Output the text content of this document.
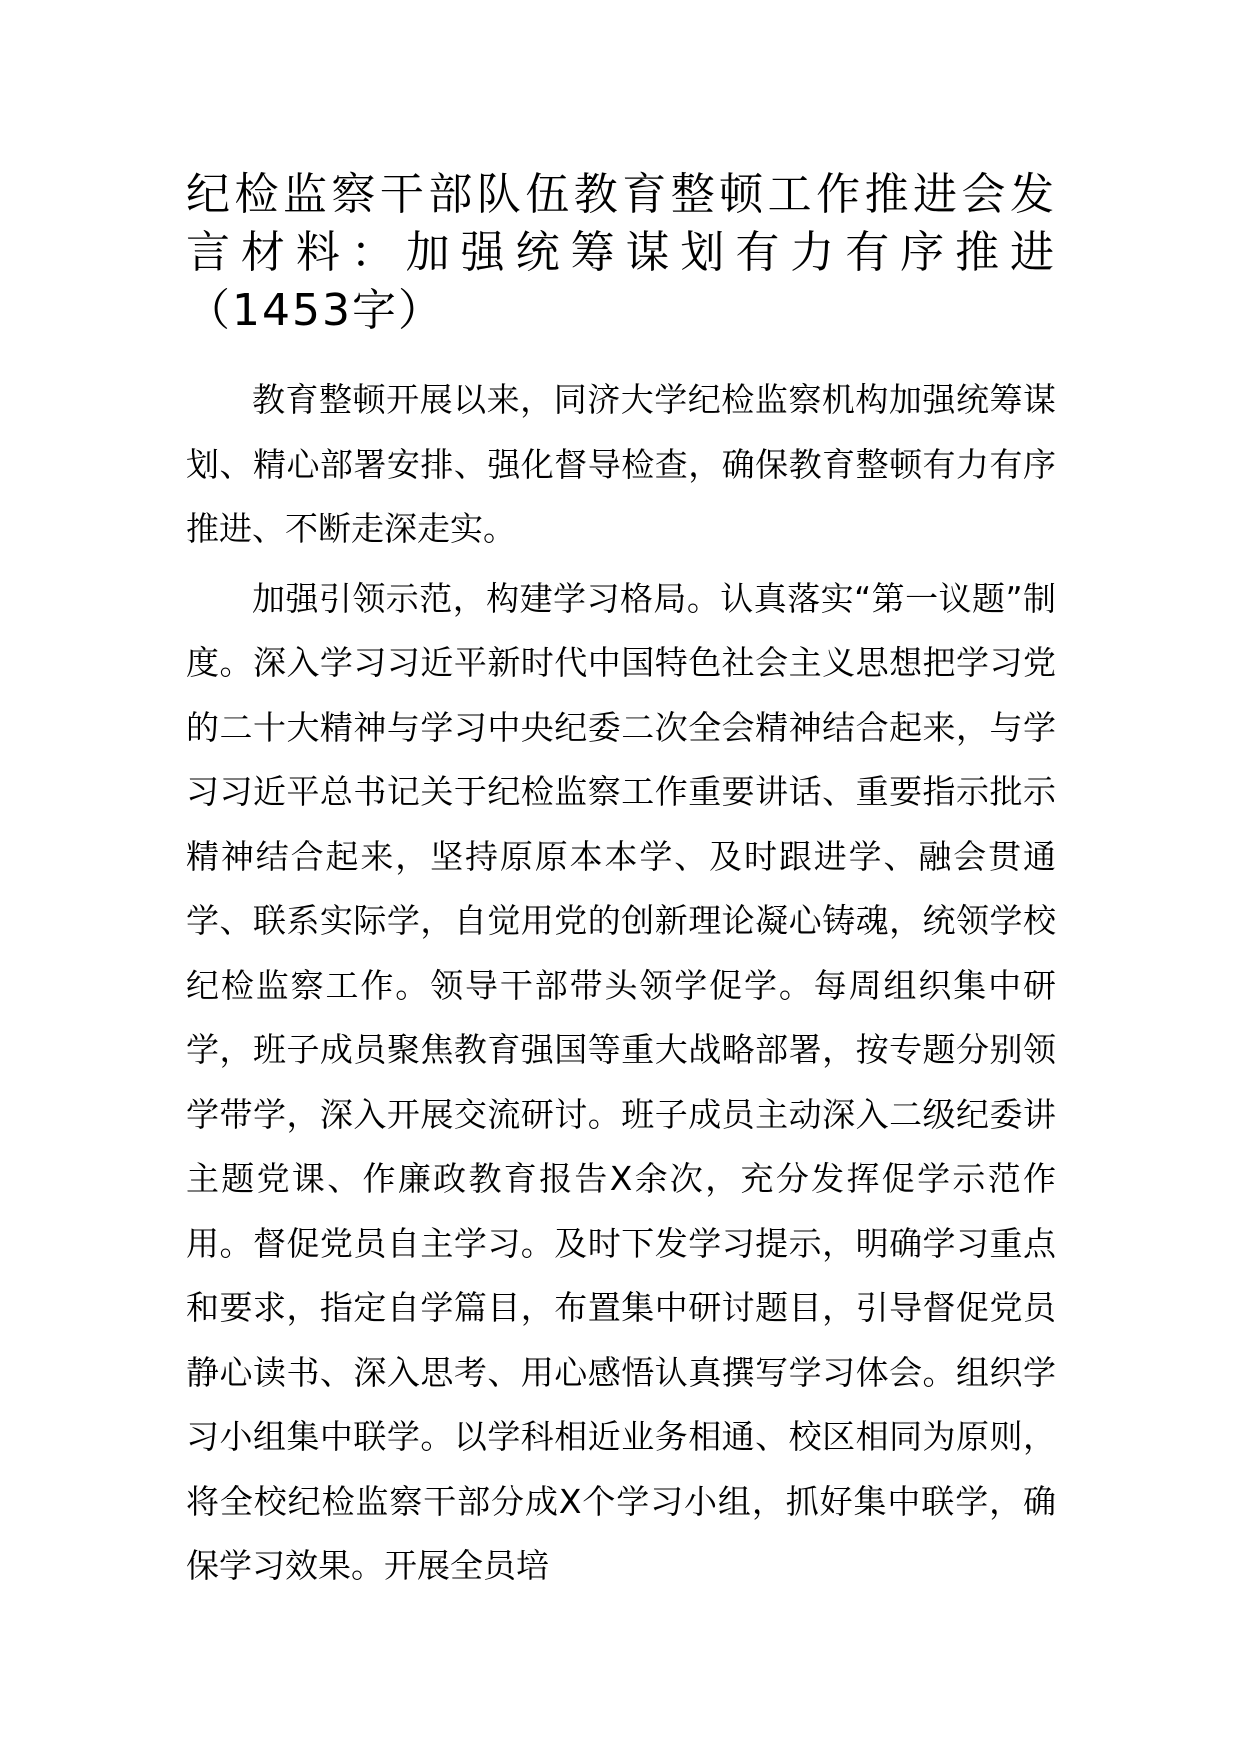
纪检监察干部队伍教育整顿工作推进会发
言材料：加强统筹谋划有力有序推进
（1453字）

教育整顿开展以来，同济大学纪检监察机构加强统筹谋划、精心部署安排、强化督导检查，确保教育整顿有力有序推进、不断走深走实。

加强引领示范，构建学习格局。认真落实“第一议题”制度。深入学习习近平新时代中国特色社会主义思想把学习党的二十大精神与学习中央纪委二次全会精神结合起来，与学习习近平总书记关于纪检监察工作重要讲话、重要指示批示精神结合起来，坚持原原本本学、及时跟进学、融会贯通学、联系实际学，自觉用党的创新理论凝心铸魂，统领学校纪检监察工作。领导干部带头领学促学。每周组织集中研学，班子成员聚焦教育强国等重大战略部署，按专题分别领学带学，深入开展交流研讨。班子成员主动深入二级纪委讲主题党课、作廉政教育报告X余次，充分发挥促学示范作用。督促党员自主学习。及时下发学习提示，明确学习重点和要求，指定自学篇目，布置集中研讨题目，引导督促党员静心读书、深入思考、用心感悟认真撰写学习体会。组织学习小组集中联学。以学科相近业务相通、校区相同为原则，将全校纪检监察干部分成X个学习小组，抓好集中联学，确保学习效果。开展全员培
